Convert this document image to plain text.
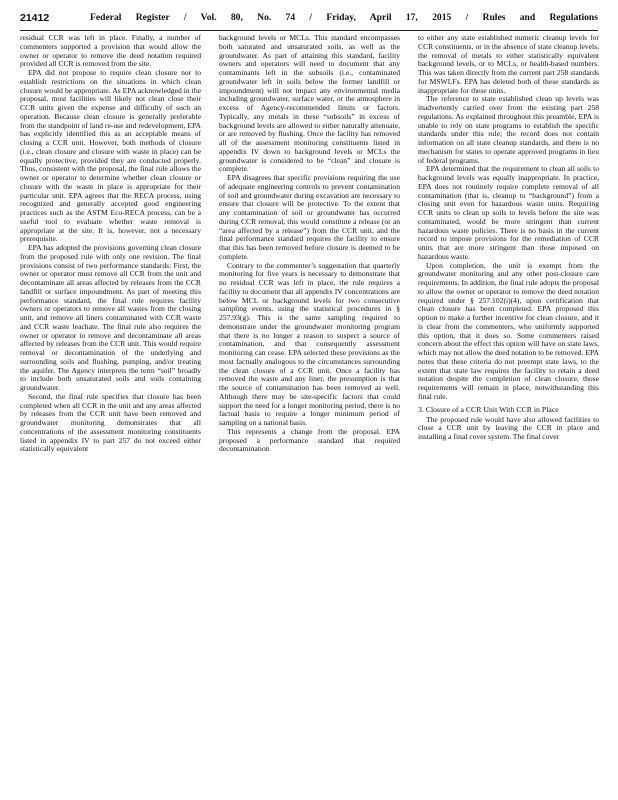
21412	Federal Register / Vol. 80, No. 74 / Friday, April 17, 2015 / Rules and Regulations

residual CCR was left in place. Finally, a number of commenters supported a provision that would allow the owner or operator to remove the deed notation required provided all CCR is removed from the site.

EPA did not propose to require clean closure nor to establish restrictions on the situations in which clean closure would be appropriate. As EPA acknowledged in the proposal, most facilities will likely not clean close their CCR units given the expense and difficulty of such an operation. Because clean closure is generally preferable from the standpoint of land re-use and redevelopment, EPA has explicitly identified this as an acceptable means of closing a CCR unit. However, both methods of closure (i.e., clean closure and closure with waste in place) can be equally protective, provided they are conducted properly. Thus, consistent with the proposal, the final rule allows the owner or operator to determine whether clean closure or closure with the waste in place is appropriate for their particular unit. EPA agrees that the RECA process, using recognized and generally accepted good engineering practices such as the ASTM Eco-RECA process, can be a useful tool to evaluate whether waste removal is appropriate at the site. It is, however, not a necessary prerequisite.

EPA has adopted the provisions governing clean closure from the proposed rule with only one revision. The final provisions consist of two performance standards: First, the owner or operator must remove all CCR from the unit and decontaminate all areas affected by releases from the CCR landfill or surface impoundment. As part of meeting this performance standard, the final rule requires facility owners or operators to remove all wastes from the closing unit, and remove all liners contaminated with CCR waste and CCR waste leachate. The final rule also requires the owner or operator to remove and decontaminate all areas affected by releases from the CCR unit. This would require removal or decontamination of the underlying and surrounding soils and flushing, pumping, and/or treating the aquifer. The Agency interprets the term “soil” broadly to include both unsaturated soils and soils containing groundwater.

Second, the final rule specifies that closure has been completed when all CCR in the unit and any areas affected by releases from the CCR unit have been removed and groundwater monitoring demonstrates that all concentrations of the assessment monitoring constituents listed in appendix IV to part 257 do not exceed either statistically equivalent

background levels or MCLs. This standard encompasses both saturated and unsaturated soils, as well as the groundwater. As part of attaining this standard, facility owners and operators will need to document that any contaminants left in the subsoils (i.e., contaminated groundwater left in soils below the former landfill or impoundment) will not impact any environmental media including groundwater, surface water, or the atmosphere in excess of Agency-recommended limits or factors. Typically, any metals in these “subsoils” in excess of background levels are allowed to either naturally attenuate, or are removed by flushing. Once the facility has removed all of the assessment monitoring constituents listed in appendix IV down to background levels or MCLs the groundwater is considered to be “clean” and closure is complete.

EPA disagrees that specific provisions requiring the use of adequate engineering controls to prevent contamination of soil and groundwater during excavation are necessary to ensure that closure will be protective. To the extent that any contamination of soil or groundwater has occurred during CCR removal, this would constitute a release (or an “area affected by a release”) from the CCR unit, and the final performance standard requires the facility to ensure that this has been removed before closure is deemed to be complete.

Contrary to the commenter’s suggestation that quarterly monitoring for five years is necessary to demonstrate that no residual CCR was left in place, the rule requires a facility to document that all appendix IV concentrations are below MCL or background levels for two consecutive sampling events, using the statistical procedures in § 257.93(g). This is the same sampling required to demonstrate under the groundwater monitoring program that there is no longer a reason to suspect a source of contamination, and that consequently assessment monitoring can cease. EPA selected these provisions as the most factually analogous to the circumstances surrounding the clean closure of a CCR unit. Once a facility has removed the waste and any liner, the presumption is that the source of contamination has been removed as well. Although there may be site-specific factors that could support the need for a longer monitoring period, there is no factual basis to require a longer minimum period of sampling on a national basis.

This represents a change from the proposal. EPA proposed a performance standard that required decontamination

to either any state established numeric cleanup levels for CCR constituents, or in the absence of state cleanup levels, the removal of metals to either statistically equivalent background levels, or to MCLs, or health-based numbers. This was taken directly from the current part 258 standards for MSWLFs. EPA has deleted both of these standards as inappropriate for these units.

The reference to state established clean up levels was inadvertently carried over from the existing part 258 regulations. As explained throughout this preamble, EPA is unable to rely on state programs to establish the specific standards under this rule; the record does not contain information on all state cleanup standards, and there is no mechanism for states to operate approved programs in lieu of federal programs.

EPA determined that the requirement to clean all soils to background levels was equally inappropriate. In practice, EPA does not routinely require complete removal of all contamination (that is, cleanup to “background”) from a closing unit even for hazardous waste units. Requiring CCR units to clean up soils to levels before the site was contaminated, would be more stringent than current hazardous waste policies. There is no basis in the current record to impose provisions for the remediation of CCR units that are more stringent than those imposed on hazardous waste.

Upon completion, the unit is exempt from the groundwater monitoring and any other post-closure care requirements. In addition, the final rule adopts the proposal to allow the owner or operator to remove the deed notation required under § 257.102(i)(4), upon certification that clean closure has been completed. EPA proposed this option to make a further incentive for clean closure, and it is clear from the commenters, who uniformly supported this option, that it does so. Some commenters raised concern about the effect this option will have on state laws, which may not allow the deed notation to be removed. EPA notes that these criteria do not preempt state laws, to the extent that state law requires the facility to retain a deed notation despite the completion of clean closure, those requirements will remain in place, notwithstanding this final rule.

3. Closure of a CCR Unit With CCR in Place

The proposed rule would have also allowed facilities to close a CCR unit by leaving the CCR in place and installing a final cover system. The final cover
